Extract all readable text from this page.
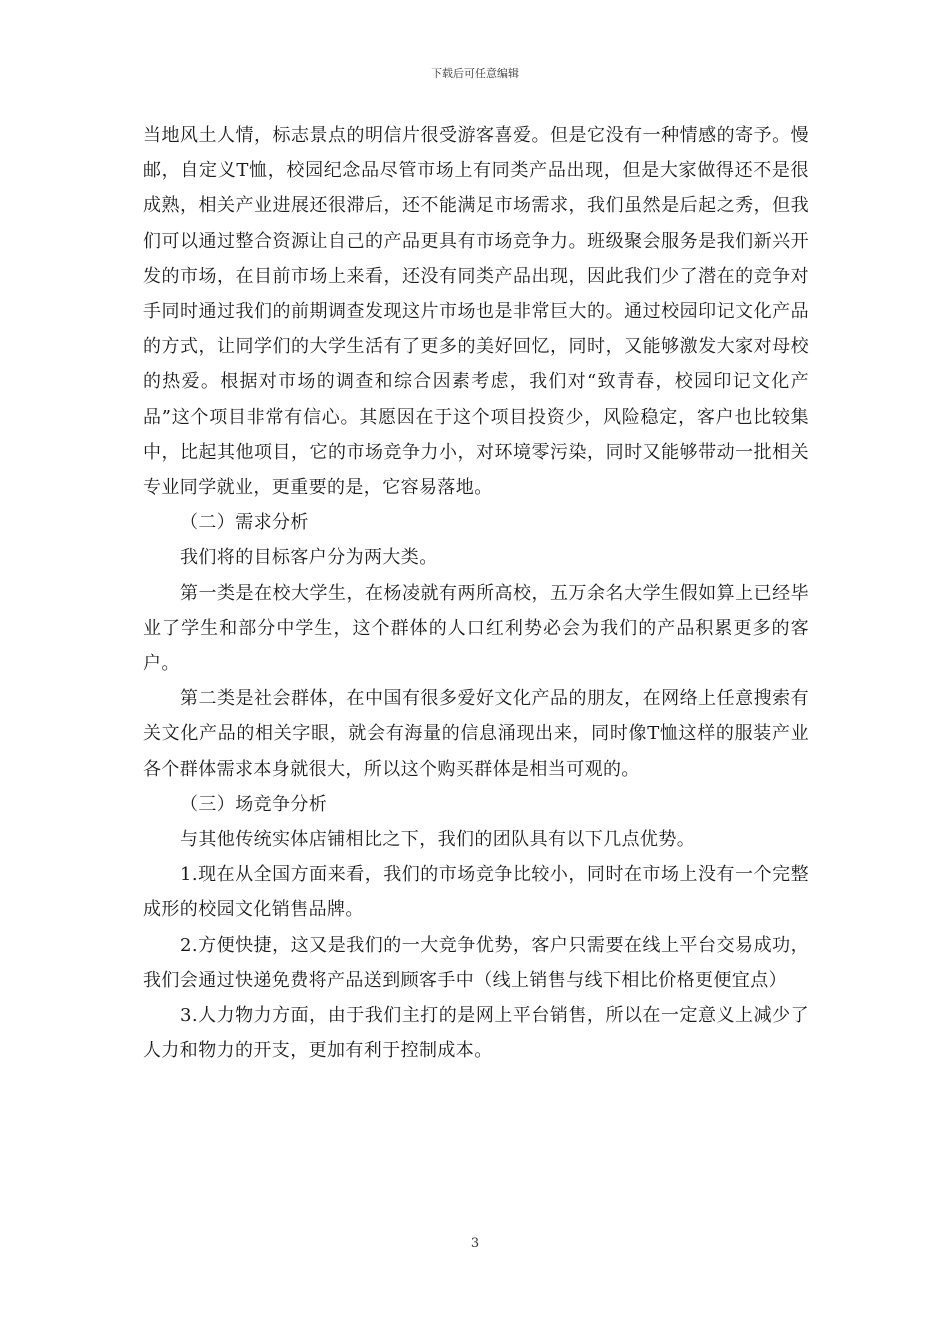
下载后可任意编辑

当地风土人情，标志景点的明信片很受游客喜爱。但是它没有一种情感的寄予。慢邮，自定义T恤，校园纪念品尽管市场上有同类产品出现，但是大家做得还不是很成熟，相关产业进展还很滞后，还不能满足市场需求，我们虽然是后起之秀，但我们可以通过整合资源让自己的产品更具有市场竞争力。班级聚会服务是我们新兴开发的市场，在目前市场上来看，还没有同类产品出现，因此我们少了潜在的竞争对手同时通过我们的前期调查发现这片市场也是非常巨大的。通过校园印记文化产品的方式，让同学们的大学生活有了更多的美好回忆，同时，又能够激发大家对母校的热爱。根据对市场的调查和综合因素考虑，我们对“致青春，校园印记文化产品”这个项目非常有信心。其愿因在于这个项目投资少，风险稳定，客户也比较集中，比起其他项目，它的市场竞争力小，对环境零污染，同时又能够带动一批相关专业同学就业，更重要的是，它容易落地。

（二）需求分析

我们将的目标客户分为两大类。

第一类是在校大学生，在杨凌就有两所高校，五万余名大学生假如算上已经毕业了学生和部分中学生，这个群体的人口红利势必会为我们的产品积累更多的客户。

第二类是社会群体，在中国有很多爱好文化产品的朋友，在网络上任意搜索有关文化产品的相关字眼，就会有海量的信息涌现出来，同时像T恤这样的服装产业各个群体需求本身就很大，所以这个购买群体是相当可观的。

（三）场竞争分析

与其他传统实体店铺相比之下，我们的团队具有以下几点优势。

1.现在从全国方面来看，我们的市场竞争比较小，同时在市场上没有一个完整成形的校园文化销售品牌。

2.方便快捷，这又是我们的一大竞争优势，客户只需要在线上平台交易成功，我们会通过快递免费将产品送到顾客手中（线上销售与线下相比价格更便宜点）

3.人力物力方面，由于我们主打的是网上平台销售，所以在一定意义上减少了人力和物力的开支，更加有利于控制成本。

3
